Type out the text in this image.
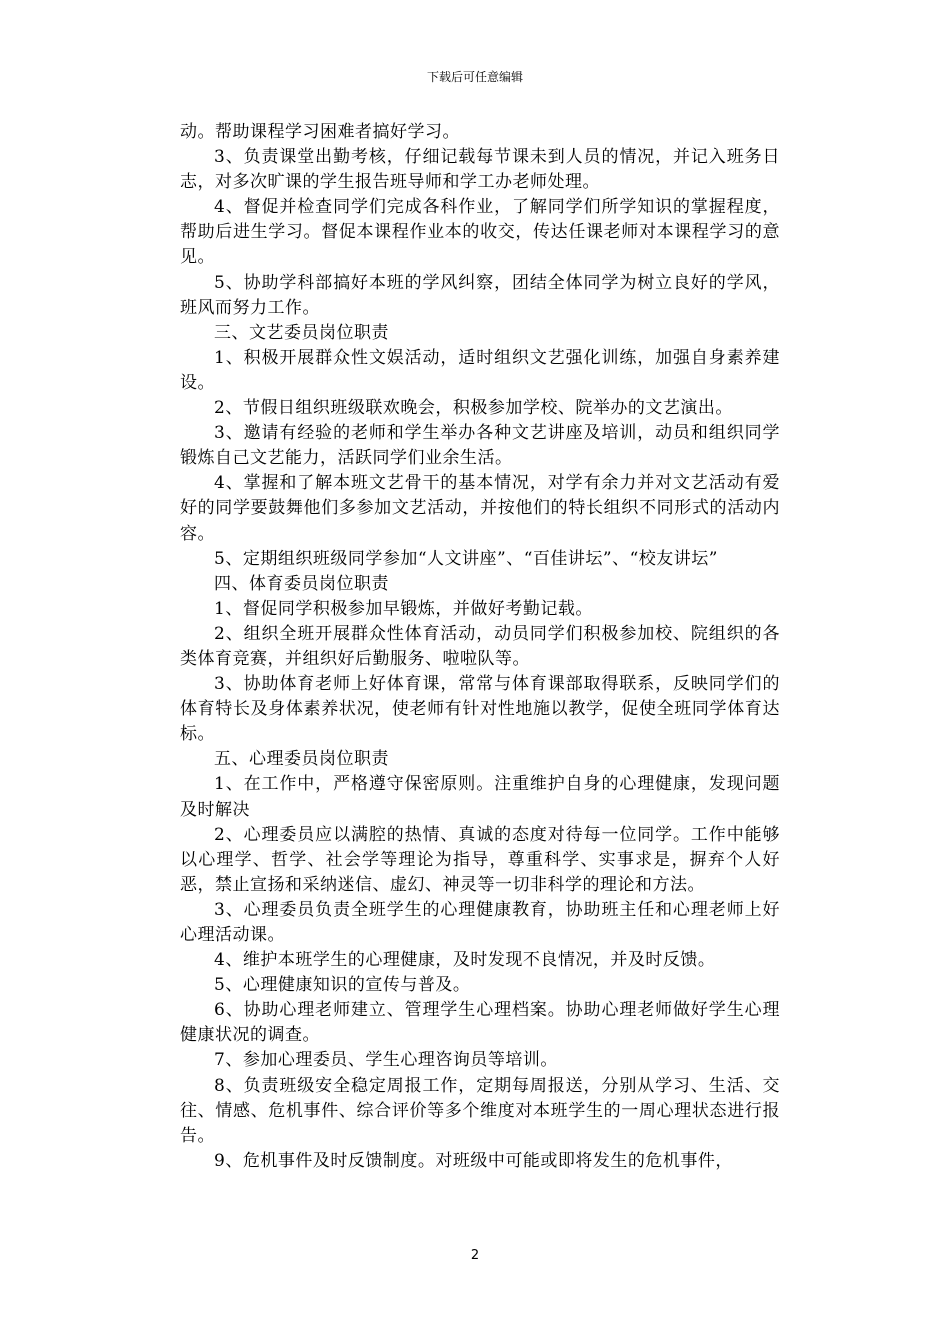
下载后可任意编辑

动。帮助课程学习困难者搞好学习。

3、负责课堂出勤考核，仔细记载每节课未到人员的情况，并记入班务日志，对多次旷课的学生报告班导师和学工办老师处理。

4、督促并检查同学们完成各科作业，了解同学们所学知识的掌握程度，帮助后进生学习。督促本课程作业本的收交，传达任课老师对本课程学习的意见。

5、协助学科部搞好本班的学风纠察，团结全体同学为树立良好的学风，班风而努力工作。

三、文艺委员岗位职责

1、积极开展群众性文娱活动，适时组织文艺强化训练，加强自身素养建设。

2、节假日组织班级联欢晚会，积极参加学校、院举办的文艺演出。

3、邀请有经验的老师和学生举办各种文艺讲座及培训，动员和组织同学锻炼自己文艺能力，活跃同学们业余生活。

4、掌握和了解本班文艺骨干的基本情况，对学有余力并对文艺活动有爱好的同学要鼓舞他们多参加文艺活动，并按他们的特长组织不同形式的活动内容。

5、定期组织班级同学参加“人文讲座”、“百佳讲坛”、“校友讲坛”

四、体育委员岗位职责

1、督促同学积极参加早锻炼，并做好考勤记载。

2、组织全班开展群众性体育活动，动员同学们积极参加校、院组织的各类体育竞赛，并组织好后勤服务、啦啦队等。

3、协助体育老师上好体育课，常常与体育课部取得联系，反映同学们的体育特长及身体素养状况，使老师有针对性地施以教学，促使全班同学体育达标。

五、心理委员岗位职责

1、在工作中，严格遵守保密原则。注重维护自身的心理健康，发现问题及时解决

2、心理委员应以满腔的热情、真诚的态度对待每一位同学。工作中能够以心理学、哲学、社会学等理论为指导，尊重科学、实事求是，摒弃个人好恶，禁止宣扬和采纳迷信、虚幻、神灵等一切非科学的理论和方法。

3、心理委员负责全班学生的心理健康教育，协助班主任和心理老师上好心理活动课。

4、维护本班学生的心理健康，及时发现不良情况，并及时反馈。

5、心理健康知识的宣传与普及。

6、协助心理老师建立、管理学生心理档案。协助心理老师做好学生心理健康状况的调查。

7、参加心理委员、学生心理咨询员等培训。

8、负责班级安全稳定周报工作，定期每周报送，分别从学习、生活、交往、情感、危机事件、综合评价等多个维度对本班学生的一周心理状态进行报告。

9、危机事件及时反馈制度。对班级中可能或即将发生的危机事件，

2
